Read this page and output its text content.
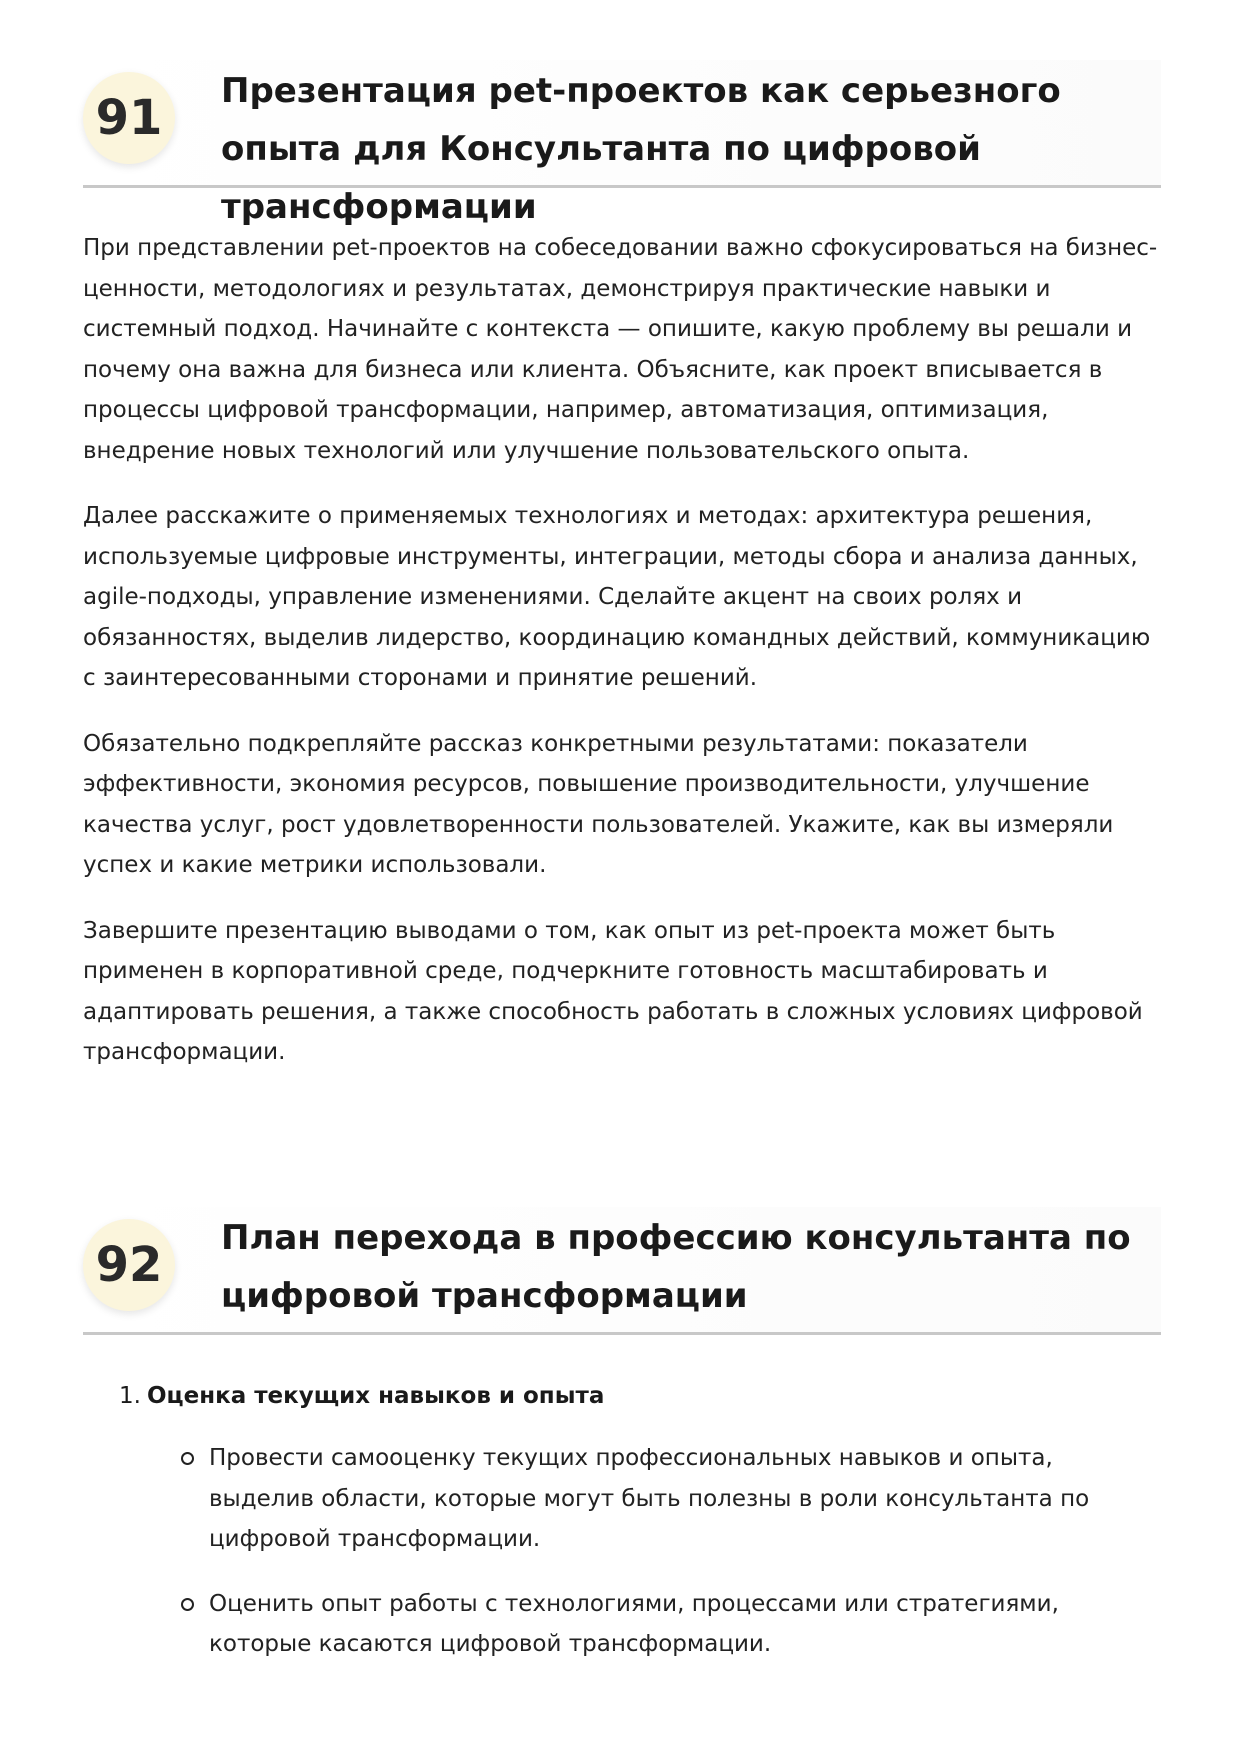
91	Презентация pet-проектов как серьезного опыта для Консультанта по цифровой трансформации

При представлении pet-проектов на собеседовании важно сфокусироваться на бизнес-ценности, методологиях и результатах, демонстрируя практические навыки и системный подход. Начинайте с контекста — опишите, какую проблему вы решали и почему она важна для бизнеса или клиента. Объясните, как проект вписывается в процессы цифровой трансформации, например, автоматизация, оптимизация, внедрение новых технологий или улучшение пользовательского опыта.

Далее расскажите о применяемых технологиях и методах: архитектура решения, используемые цифровые инструменты, интеграции, методы сбора и анализа данных, agile-подходы, управление изменениями. Сделайте акцент на своих ролях и обязанностях, выделив лидерство, координацию командных действий, коммуникацию с заинтересованными сторонами и принятие решений.

Обязательно подкрепляйте рассказ конкретными результатами: показатели эффективности, экономия ресурсов, повышение производительности, улучшение качества услуг, рост удовлетворенности пользователей. Укажите, как вы измеряли успех и какие метрики использовали.

Завершите презентацию выводами о том, как опыт из pet-проекта может быть применен в корпоративной среде, подчеркните готовность масштабировать и адаптировать решения, а также способность работать в сложных условиях цифровой трансформации.

92	План перехода в профессию консультанта по цифровой трансформации
1. Оценка текущих навыков и опыта
Провести самооценку текущих профессиональных навыков и опыта, выделив области, которые могут быть полезны в роли консультанта по цифровой трансформации.
Оценить опыт работы с технологиями, процессами или стратегиями, которые касаются цифровой трансформации.
